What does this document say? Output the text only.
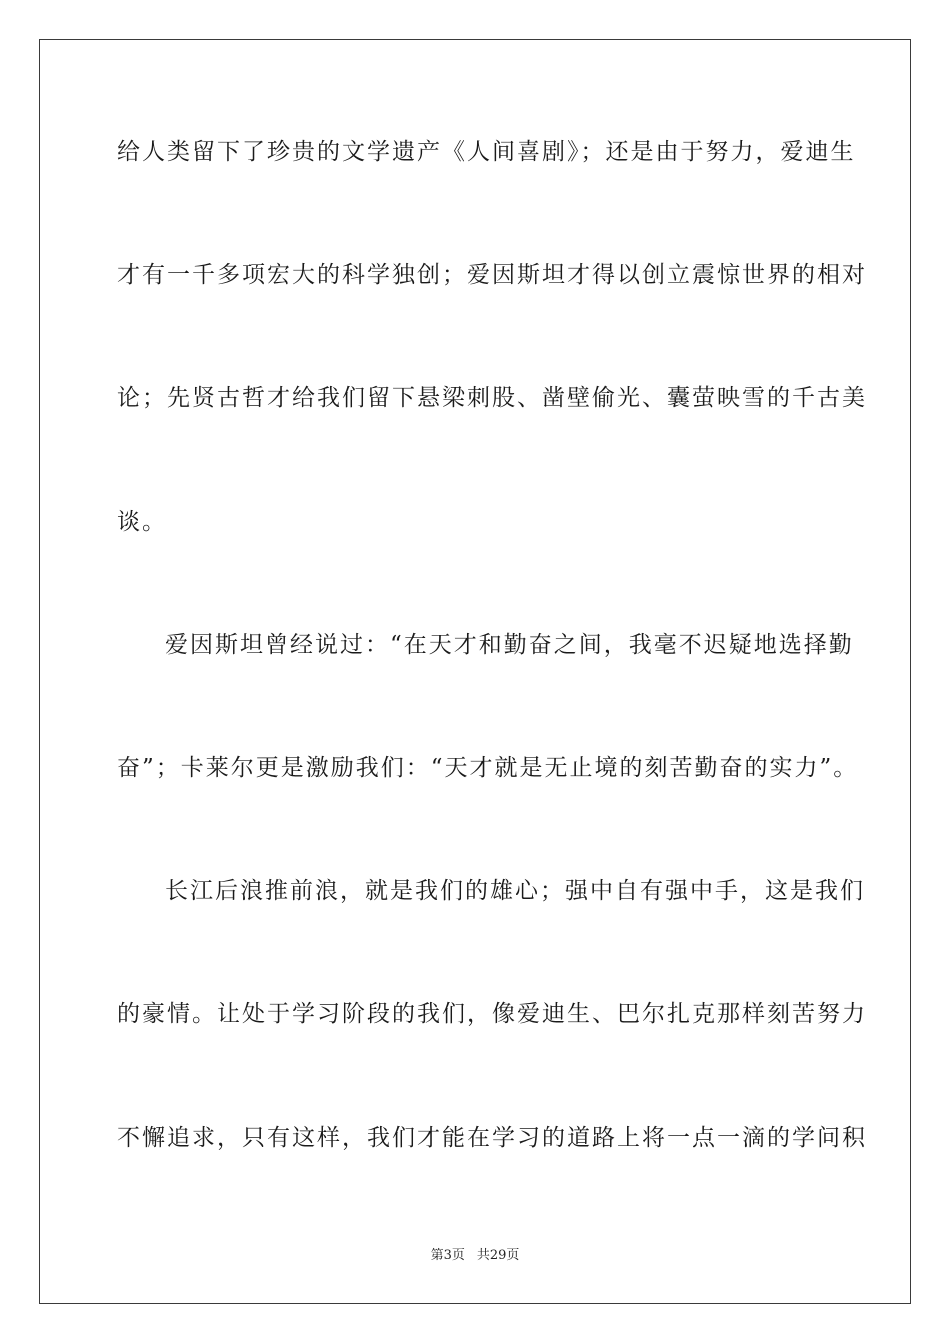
给人类留下了珍贵的文学遗产《人间喜剧》；还是由于努力，爱迪生
才有一千多项宏大的科学独创；爱因斯坦才得以创立震惊世界的相对
论；先贤古哲才给我们留下悬梁刺股、凿壁偷光、囊萤映雪的千古美
谈。
爱因斯坦曾经说过：“在天才和勤奋之间，我毫不迟疑地选择勤
奋”；卡莱尔更是激励我们：“天才就是无止境的刻苦勤奋的实力”。
长江后浪推前浪，就是我们的雄心；强中自有强中手，这是我们
的豪情。让处于学习阶段的我们，像爱迪生、巴尔扎克那样刻苦努力
不懈追求，只有这样，我们才能在学习的道路上将一点一滴的学问积
第3页 共29页
